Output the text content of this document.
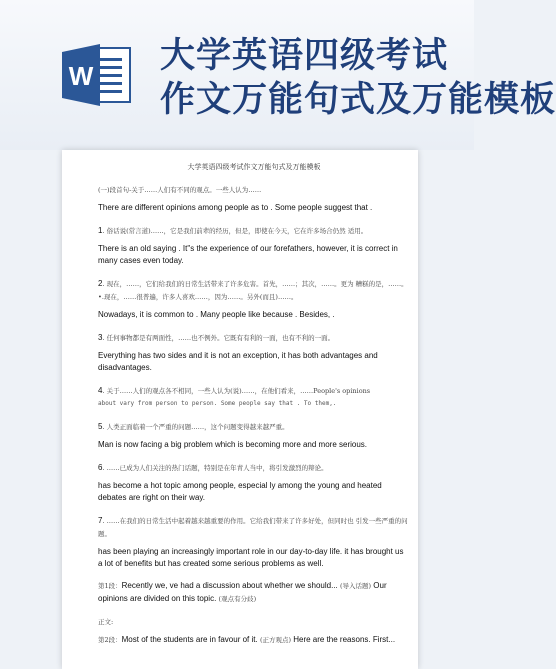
W 大学英语四级考试
作文万能句式及万能模板
大学英语四级考试作文万能句式及万能模板

(一)段首句-关于……人们有不同的观点。一些人认为……

There are different opinions among people as to . Some people suggest that .

1. 俗话说(常言道)……，它是我们前辈的经历，但是，即使在今天，它在许多场合仍然 适用。

There is an old saying . It"s the experience of our forefathers, however, it is correct in many cases even today.

2. 现在，……，它们给我们的日常生活带来了许多危害。首先，……；其次，……。更为 糟糕的是，……。

•.现在，……很普遍，许多人喜欢……，因为……。另外(而且)……。

Nowadays, it is common to . Many people like because . Besides, .

3. 任何事物都是有两面性，……也不例外。它既有有利的一面，也有不利的一面。

Everything has two sides and it is not an exception, it has both advantages and disadvantages.

4. 关于……人们的观点各不相同，一些人认为(说)……，在他们看来，……People's opinions

about vary from person to person. Some people say that . To them,.

5. 人类正面临着一个严重的问题……，这个问题变得越来越严重。

Man is now facing a big problem which is becoming more and more serious.

6. ……已成为人们关注的热门话题，特别是在年青人当中，将引发激烈的辩论。

has become a hot topic among people, especial ly among the young and heated debates are right on their way.

7. ……在我们的日常生活中起着越来越重要的作用。它给我们带来了许多好处，但同时也 引发一些严重的问题。

has been playing an increasingly important role in our day-to-day life. it has brought us a lot of benefits but has created some serious problems as well.

第1段：Recently we, ve had a discussion about whether we should... (导入话题) Our opinions are divided on this topic. (观点有分歧)

正文:

第2段：Most of the students are in favour of it. (正方观点) Here are the reasons. First...
